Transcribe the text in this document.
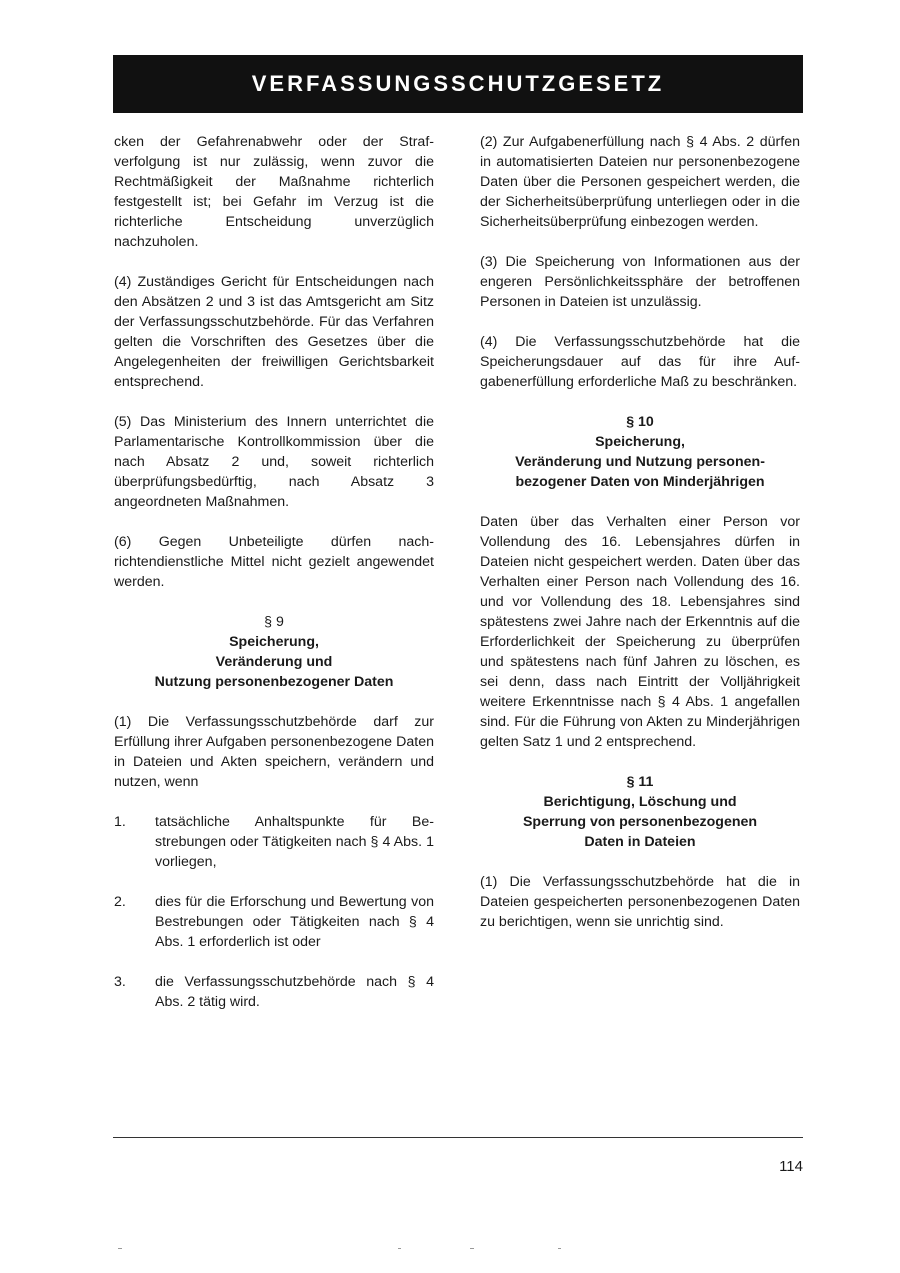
VERFASSUNGSSCHUTZGESETZ

cken der Gefahrenabwehr oder der Strafverfolgung ist nur zulässig, wenn zuvor die Rechtmäßigkeit der Maßnahme richterlich festgestellt ist; bei Gefahr im Verzug ist die richterliche Entscheidung unverzüglich nachzuholen.

(4) Zuständiges Gericht für Entscheidungen nach den Absätzen 2 und 3 ist das Amtsgericht am Sitz der Verfassungsschutzbehörde. Für das Verfahren gelten die Vorschriften des Gesetzes über die Angelegenheiten der freiwilligen Gerichtsbarkeit entsprechend.

(5) Das Ministerium des Innern unterrichtet die Parlamentarische Kontrollkommission über die nach Absatz 2 und, soweit richterlich überprüfungsbedürftig, nach Absatz 3 angeordneten Maßnahmen.

(6) Gegen Unbeteiligte dürfen nachrichtendienstliche Mittel nicht gezielt angewendet werden.

§ 9
Speicherung,
Veränderung und
Nutzung personenbezogener Daten

(1) Die Verfassungsschutzbehörde darf zur Erfüllung ihrer Aufgaben personenbezogene Daten in Dateien und Akten speichern, verändern und nutzen, wenn

1.	tatsächliche Anhaltspunkte für Bestrebungen oder Tätigkeiten nach § 4 Abs. 1 vorliegen,
2.	dies für die Erforschung und Bewertung von Bestrebungen oder Tätigkeiten nach § 4 Abs. 1 erforderlich ist oder
3.	die Verfassungsschutzbehörde nach § 4 Abs. 2 tätig wird.

(2) Zur Aufgabenerfüllung nach § 4 Abs. 2 dürfen in automatisierten Dateien nur personenbezogene Daten über die Personen gespeichert werden, die der Sicherheitsüberprüfung unterliegen oder in die Sicherheitsüberprüfung einbezogen werden.

(3) Die Speicherung von Informationen aus der engeren Persönlichkeitssphäre der betroffenen Personen in Dateien ist unzulässig.

(4) Die Verfassungsschutzbehörde hat die Speicherungsdauer auf das für ihre Aufgabenerfüllung erforderliche Maß zu beschränken.

§ 10
Speicherung,
Veränderung und Nutzung personen-
bezogener Daten von Minderjährigen

Daten über das Verhalten einer Person vor Vollendung des 16. Lebensjahres dürfen in Dateien nicht gespeichert werden. Daten über das Verhalten einer Person nach Vollendung des 16. und vor Vollendung des 18. Lebensjahres sind spätestens zwei Jahre nach der Erkenntnis auf die Erforderlichkeit der Speicherung zu überprüfen und spätestens nach fünf Jahren zu löschen, es sei denn, dass nach Eintritt der Volljährigkeit weitere Erkenntnisse nach § 4 Abs. 1 angefallen sind. Für die Führung von Akten zu Minderjährigen gelten Satz 1 und 2 entsprechend.

§ 11
Berichtigung, Löschung und
Sperrung von personenbezogenen
Daten in Dateien

(1) Die Verfassungsschutzbehörde hat die in Dateien gespeicherten personenbezogenen Daten zu berichtigen, wenn sie unrichtig sind.

114
